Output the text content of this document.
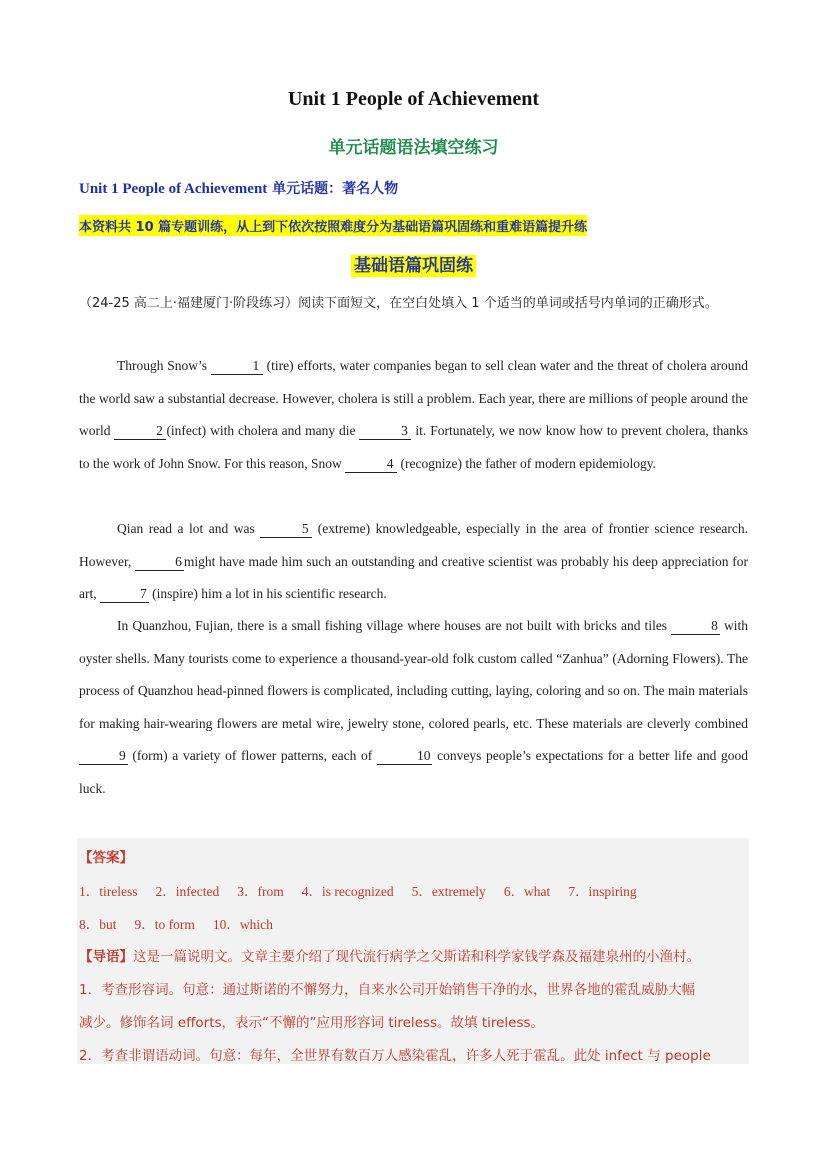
Unit 1 People of Achievement
单元话题语法填空练习
Unit 1 People of Achievement 单元话题：著名人物
本资料共 10 篇专题训练，从上到下依次按照难度分为基础语篇巩固练和重难语篇提升练
基础语篇巩固练
（24-25 高二上·福建厦门·阶段练习）阅读下面短文，在空白处填入 1 个适当的单词或括号内单词的正确形式。

Through Snow’s	1 (tire) efforts, water companies began to sell clean water and the threat of cholera around the world saw a substantial decrease. However, cholera is still a problem. Each year, there are millions of people around the world	2 (infect) with cholera and many die	3 it. Fortunately, we now know how to prevent cholera, thanks to the work of John Snow. For this reason, Snow	4 (recognize) the father of modern epidemiology.

Qian read a lot and was	5 (extreme) knowledgeable, especially in the area of frontier science research. However,	6 might have made him such an outstanding and creative scientist was probably his deep appreciation for art,	7 (inspire) him a lot in his scientific research.

In Quanzhou, Fujian, there is a small fishing village where houses are not built with bricks and tiles	8 with oyster shells. Many tourists come to experience a thousand-year-old folk custom called “Zanhua” (Adorning Flowers). The process of Quanzhou head-pinned flowers is complicated, including cutting, laying, coloring and so on. The main materials for making hair-wearing flowers are metal wire, jewelry stone, colored pearls, etc. These materials are cleverly combined 9 (form) a variety of flower patterns, each of	10 conveys people’s expectations for a better life and good luck.

【答案】
1．tireless 2．infected 3．from 4．is recognized 5．extremely 6．what 7．inspiring
8．but 9．to form 10．which
【导语】这是一篇说明文。文章主要介绍了现代流行病学之父斯诺和科学家钱学森及福建泉州的小渔村。
1．考查形容词。句意：通过斯诺的不懈努力，自来水公司开始销售干净的水，世界各地的霍乱威胁大幅
减少。修饰名词 efforts，表示“不懈的”应用形容词 tireless。故填 tireless。
2．考查非谓语动词。句意：每年，全世界有数百万人感染霍乱，许多人死于霍乱。此处 infect 与 people
